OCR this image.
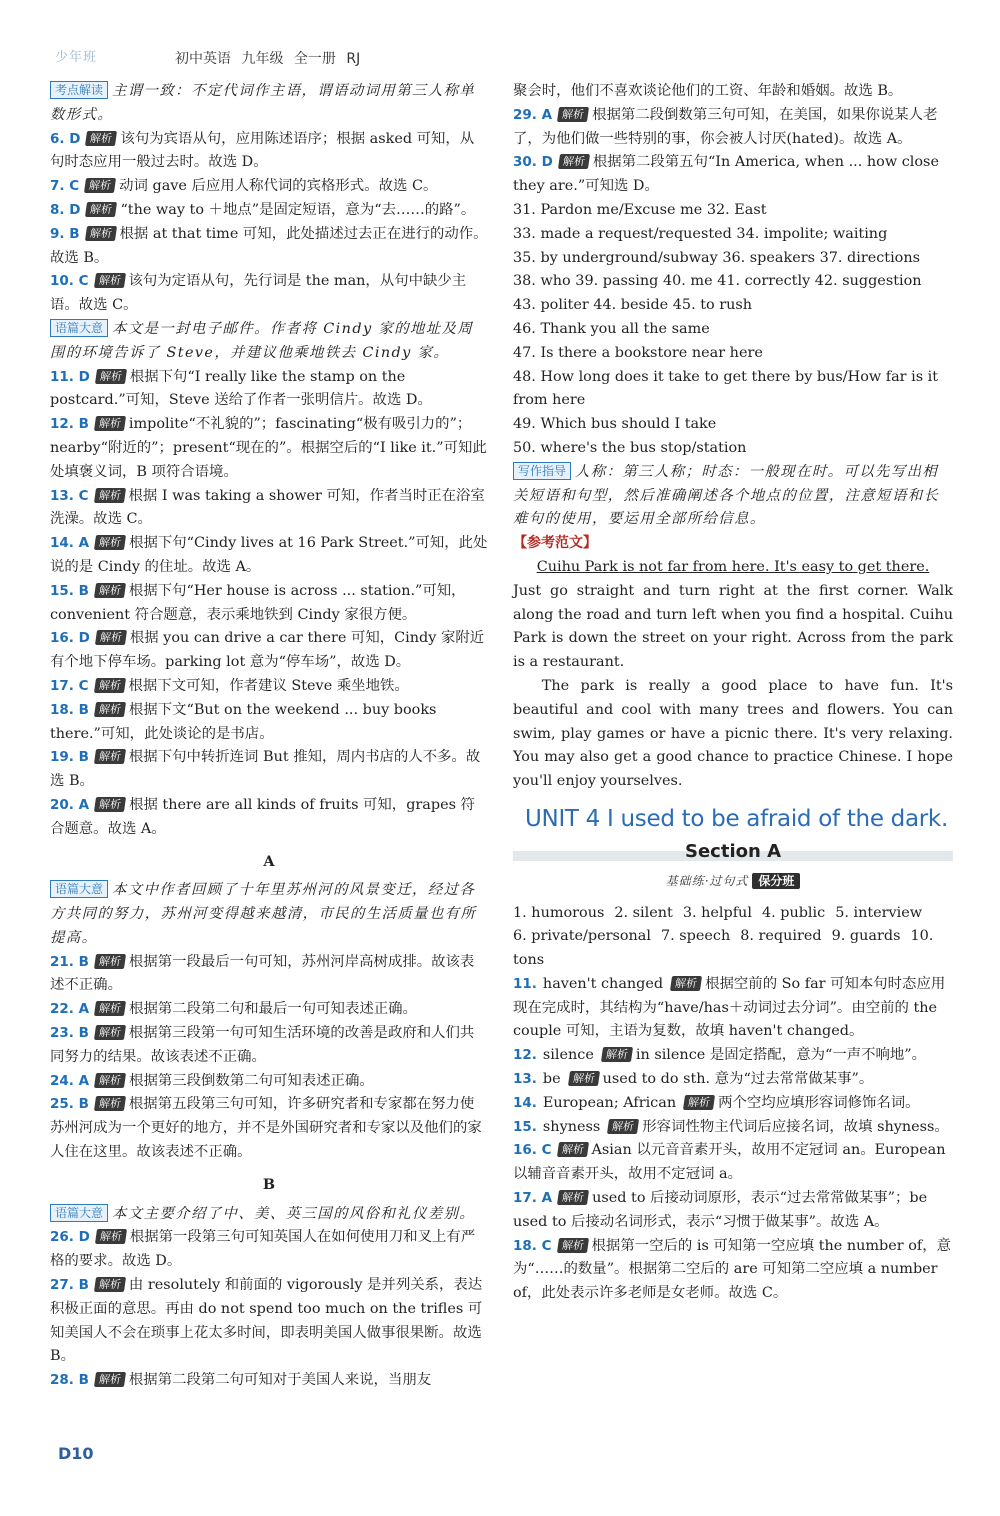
少年班	初中英语 九年级 全一册 RJ
考点解读 主谓一致：不定代词作主语，谓语动词用第三人称单数形式。
6. D 解析 该句为宾语从句，应用陈述语序；根据 asked 可知，从句时态应用一般过去时。故选 D。
7. C 解析 动词 gave 后应用人称代词的宾格形式。故选 C。
8. D 解析 “the way to ＋地点”是固定短语，意为“去……的路”。
9. B 解析 根据 at that time 可知，此处描述过去正在进行的动作。故选 B。
10. C 解析 该句为定语从句，先行词是 the man，从句中缺少主语。故选 C。
语篇大意 本文是一封电子邮件。作者将 Cindy 家的地址及周围的环境告诉了 Steve，并建议他乘地铁去 Cindy 家。
11. D 解析 根据下句“I really like the stamp on the postcard.”可知，Steve 送给了作者一张明信片。故选 D。
12. B 解析 impolite“不礼貌的”；fascinating“极有吸引力的”；nearby“附近的”；present“现在的”。根据空后的“I like it.”可知此处填褒义词，B 项符合语境。
13. C 解析 根据 I was taking a shower 可知，作者当时正在浴室洗澡。故选 C。
14. A 解析 根据下句“Cindy lives at 16 Park Street.”可知，此处说的是 Cindy 的住址。故选 A。
15. B 解析 根据下句“Her house is across ... station.”可知，convenient 符合题意，表示乘地铁到 Cindy 家很方便。
16. D 解析 根据 you can drive a car there 可知，Cindy 家附近有个地下停车场。parking lot 意为“停车场”，故选 D。
17. C 解析 根据下文可知，作者建议 Steve 乘坐地铁。
18. B 解析 根据下文“But on the weekend ... buy books there.”可知，此处谈论的是书店。
19. B 解析 根据下句中转折连词 But 推知，周内书店的人不多。故选 B。
20. A 解析 根据 there are all kinds of fruits 可知，grapes 符合题意。故选 A。
A
语篇大意 本文中作者回顾了十年里苏州河的风景变迁，经过各方共同的努力，苏州河变得越来越清，市民的生活质量也有所提高。
21. B 解析 根据第一段最后一句可知，苏州河岸高树成排。故该表述不正确。
22. A 解析 根据第二段第二句和最后一句可知表述正确。
23. B 解析 根据第三段第一句可知生活环境的改善是政府和人们共同努力的结果。故该表述不正确。
24. A 解析 根据第三段倒数第二句可知表述正确。
25. B 解析 根据第五段第三句可知，许多研究者和专家都在努力使苏州河成为一个更好的地方，并不是外国研究者和专家以及他们的家人住在这里。故该表述不正确。
B
语篇大意 本文主要介绍了中、美、英三国的风俗和礼仪差别。
26. D 解析 根据第一段第三句可知英国人在如何使用刀和叉上有严格的要求。故选 D。
27. B 解析 由 resolutely 和前面的 vigorously 是并列关系，表达积极正面的意思。再由 do not spend too much on the trifles 可知美国人不会在琐事上花太多时间，即表明美国人做事很果断。故选 B。
28. B 解析 根据第二段第二句可知对于美国人来说，当朋友
聚会时，他们不喜欢谈论他们的工资、年龄和婚姻。故选 B。
29. A 解析 根据第二段倒数第三句可知，在美国，如果你说某人老了，为他们做一些特别的事，你会被人讨厌(hated)。故选 A。
30. D 解析 根据第二段第五句“In America, when ... how close they are.”可知选 D。
31. Pardon me/Excuse me 32. East
33. made a request/requested 34. impolite; waiting
35. by underground/subway 36. speakers 37. directions
38. who 39. passing 40. me 41. correctly 42. suggestion
43. politer 44. beside 45. to rush
46. Thank you all the same
47. Is there a bookstore near here
48. How long does it take to get there by bus/How far is it from here
49. Which bus should I take
50. where's the bus stop/station
写作指导 人称：第三人称；时态：一般现在时。可以先写出相关短语和句型，然后准确阐述各个地点的位置，注意短语和长难句的使用，要运用全部所给信息。
【参考范文】
Cuihu Park is not far from here. It's easy to get there.
Just go straight and turn right at the first corner. Walk along the road and turn left when you find a hospital. Cuihu Park is down the street on your right. Across from the park is a restaurant.
The park is really a good place to have fun. It's beautiful and cool with many trees and flowers. You can swim, play games or have a picnic there. It's very relaxing. You may also get a good chance to practice Chinese. I hope you'll enjoy yourselves.
UNIT 4 I used to be afraid of the dark.
Section A
基础练·过句式 保分班
1. humorous 2. silent 3. helpful 4. public 5. interview
6. private/personal 7. speech 8. required 9. guards 10. tons
11. haven't changed 解析 根据空前的 So far 可知本句时态应用现在完成时，其结构为“have/has＋动词过去分词”。由空前的 the couple 可知，主语为复数，故填 haven't changed。
12. silence 解析 in silence 是固定搭配，意为“一声不响地”。
13. be 解析 used to do sth. 意为“过去常常做某事”。
14. European; African 解析 两个空均应填形容词修饰名词。
15. shyness 解析 形容词性物主代词后应接名词，故填 shyness。
16. C 解析 Asian 以元音音素开头，故用不定冠词 an。European 以辅音音素开头，故用不定冠词 a。
17. A 解析 used to 后接动词原形，表示“过去常常做某事”；be used to 后接动名词形式，表示“习惯于做某事”。故选 A。
18. C 解析 根据第一空后的 is 可知第一空应填 the number of，意为“……的数量”。根据第二空后的 are 可知第二空应填 a number of，此处表示许多老师是女老师。故选 C。
D10
